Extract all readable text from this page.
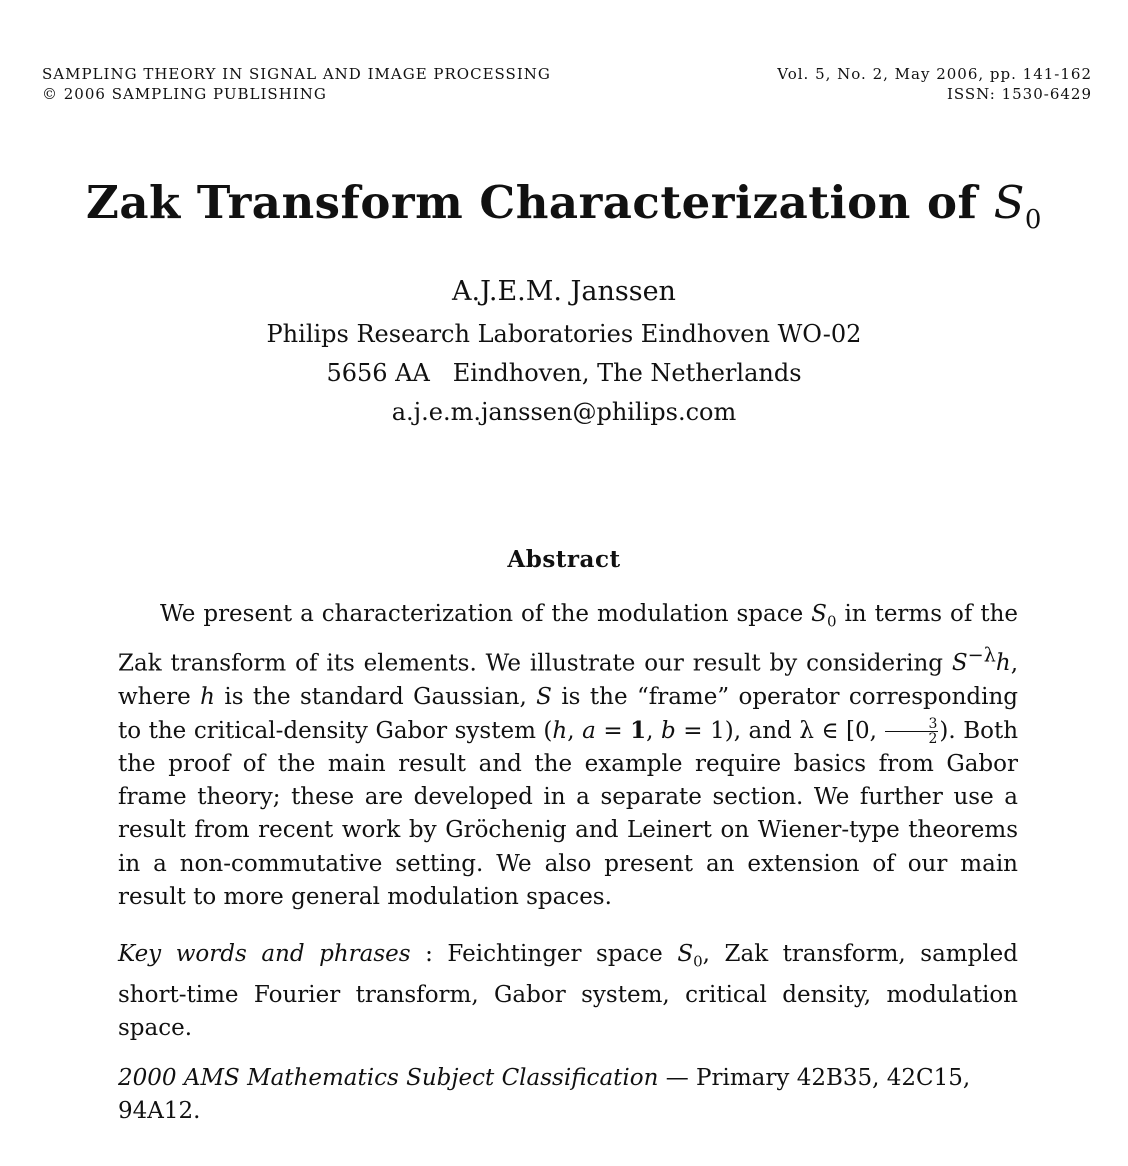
SAMPLING THEORY IN SIGNAL AND IMAGE PROCESSING
© 2006 SAMPLING PUBLISHING
Vol. 5, No. 2, May 2006, pp. 141-162
ISSN: 1530-6429
Zak Transform Characterization of $S_0$
A.J.E.M. Janssen
Philips Research Laboratories Eindhoven WO-02
5656 AA   Eindhoven, The Netherlands
a.j.e.m.janssen@philips.com
Abstract
We present a characterization of the modulation space $S_0$ in terms of the Zak transform of its elements. We illustrate our result by considering $S^{-\lambda}h$, where h is the standard Gaussian, S is the “frame” operator corresponding to the critical-density Gabor system (h, a = 1, b = 1), and λ ∈ [0, $\frac{3}{2}$ ). Both the proof of the main result and the example require basics from Gabor frame theory; these are developed in a separate section. We further use a result from recent work by Gröchenig and Leinert on Wiener-type theorems in a non-commutative setting. We also present an extension of our main result to more general modulation spaces.
Key words and phrases : Feichtinger space $S_0$, Zak transform, sampled short-time Fourier transform, Gabor system, critical density, modulation space.
2000 AMS Mathematics Subject Classification — Primary 42B35, 42C15, 94A12.
